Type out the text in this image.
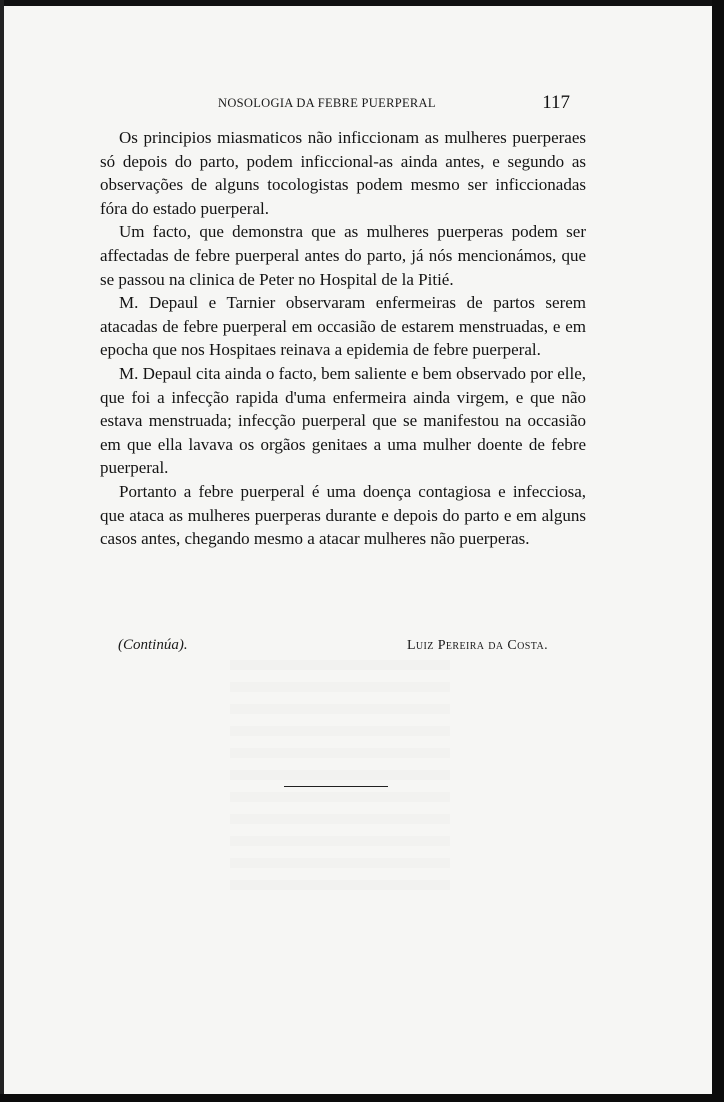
NOSOLOGIA DA FEBRE PUERPERAL	117

Os principios miasmaticos não inficcionam as mulheres puerperaes só depois do parto, podem inficcional-as ainda antes, e segundo as observações de alguns tocologistas podem mesmo ser inficcionadas fóra do estado puerperal.

Um facto, que demonstra que as mulheres puerperas podem ser affectadas de febre puerperal antes do parto, já nós mencionámos, que se passou na clinica de Peter no Hospital de la Pitié.

M. Depaul e Tarnier observaram enfermeiras de partos serem atacadas de febre puerperal em occasião de estarem menstruadas, e em epocha que nos Hospitaes reinava a epidemia de febre puerperal.

M. Depaul cita ainda o facto, bem saliente e bem observado por elle, que foi a infecção rapida d'uma enfermeira ainda virgem, e que não estava menstruada; infecção puerperal que se manifestou na occasião em que ella lavava os orgãos genitaes a uma mulher doente de febre puerperal.

Portanto a febre puerperal é uma doença contagiosa e infecciosa, que ataca as mulheres puerperas durante e depois do parto e em alguns casos antes, chegando mesmo a atacar mulheres não puerperas.

(Continúa).	Luiz Pereira da Costa.
